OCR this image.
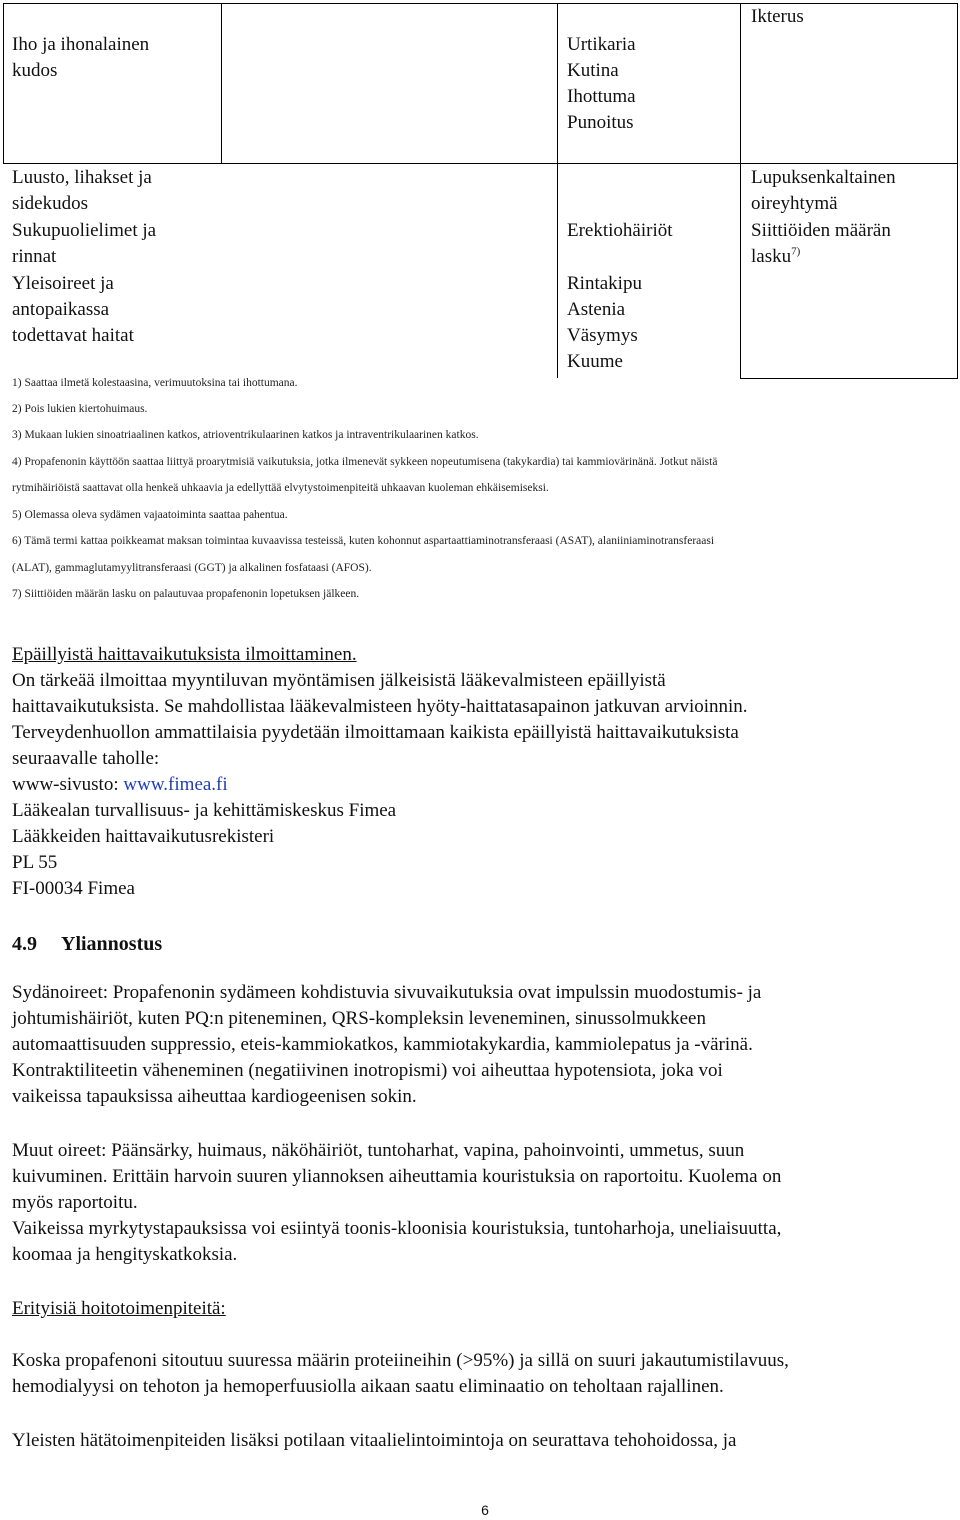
Iho ja ihonalainen
kudos
Urtikaria
Kutina
Ihottuma
Punoitus
Ikterus
Luusto, lihakset ja
sidekudos
Lupuksenkaltainen
oireyhtymä
Sukupuolielimet ja
rinnat
Erektiohäiriöt	Siittiöiden määrän
lasku$^{7)}$
Yleisoireet ja
antopaikassa
todettavat haitat
Rintakipu
Astenia
Väsymys
Kuume
1) Saattaa ilmetä kolestaasina, verimuutoksina tai ihottumana.
2) Pois lukien kiertohuimaus.
3) Mukaan lukien sinoatriaalinen katkos, atrioventrikulaarinen katkos ja intraventrikulaarinen katkos.
4) Propafenonin käyttöön saattaa liittyä proarytmisiä vaikutuksia, jotka ilmenevät sykkeen nopeutumisena (takykardia) tai kammiovärinänä. Jotkut näistä
rytmihäiriöistä saattavat olla henkeä uhkaavia ja edellyttää elvytystoimenpiteitä uhkaavan kuoleman ehkäisemiseksi.
5) Olemassa oleva sydämen vajaatoiminta saattaa pahentua.
6) Tämä termi kattaa poikkeamat maksan toimintaa kuvaavissa testeissä, kuten kohonnut aspartaattiaminotransferaasi (ASAT), alaniiniaminotransferaasi
(ALAT), gammaglutamyylitransferaasi (GGT) ja alkalinen fosfataasi (AFOS).
7) Siittiöiden määrän lasku on palautuvaa propafenonin lopetuksen jälkeen.
Epäillyistä haittavaikutuksista ilmoittaminen.
On tärkeää ilmoittaa myyntiluvan myöntämisen jälkeisistä lääkevalmisteen epäillyistä
haittavaikutuksista. Se mahdollistaa lääkevalmisteen hyöty-haittatasapainon jatkuvan arvioinnin.
Terveydenhuollon ammattilaisia pyydetään ilmoittamaan kaikista epäillyistä haittavaikutuksista
seuraavalle taholle:
www-sivusto: www.fimea.fi
Lääkealan turvallisuus- ja kehittämiskeskus Fimea
Lääkkeiden haittavaikutusrekisteri
PL 55
FI-00034 Fimea
4.9 Yliannostus
Sydänoireet: Propafenonin sydämeen kohdistuvia sivuvaikutuksia ovat impulssin muodostumis- ja
johtumishäiriöt, kuten PQ:n piteneminen, QRS-kompleksin leveneminen, sinussolmukkeen
automaattisuuden suppressio, eteis-kammiokatkos, kammiotakykardia, kammiolepatus ja -värinä.
Kontraktiliteetin väheneminen (negatiivinen inotropismi) voi aiheuttaa hypotensiota, joka voi
vaikeissa tapauksissa aiheuttaa kardiogeenisen sokin.
Muut oireet: Päänsärky, huimaus, näköhäiriöt, tuntoharhat, vapina, pahoinvointi, ummetus, suun
kuivuminen. Erittäin harvoin suuren yliannoksen aiheuttamia kouristuksia on raportoitu. Kuolema on
myös raportoitu.
Vaikeissa myrkytystapauksissa voi esiintyä toonis-kloonisia kouristuksia, tuntoharhoja, uneliaisuutta,
koomaa ja hengityskatkoksia.
Erityisiä hoitotoimenpiteitä:
Koska propafenoni sitoutuu suuressa määrin proteiineihin (>95%) ja sillä on suuri jakautumistilavuus,
hemodialyysi on tehoton ja hemoperfuusiolla aikaan saatu eliminaatio on teholtaan rajallinen.
Yleisten hätätoimenpiteiden lisäksi potilaan vitaalielintoimintoja on seurattava tehohoidossa, ja
6
